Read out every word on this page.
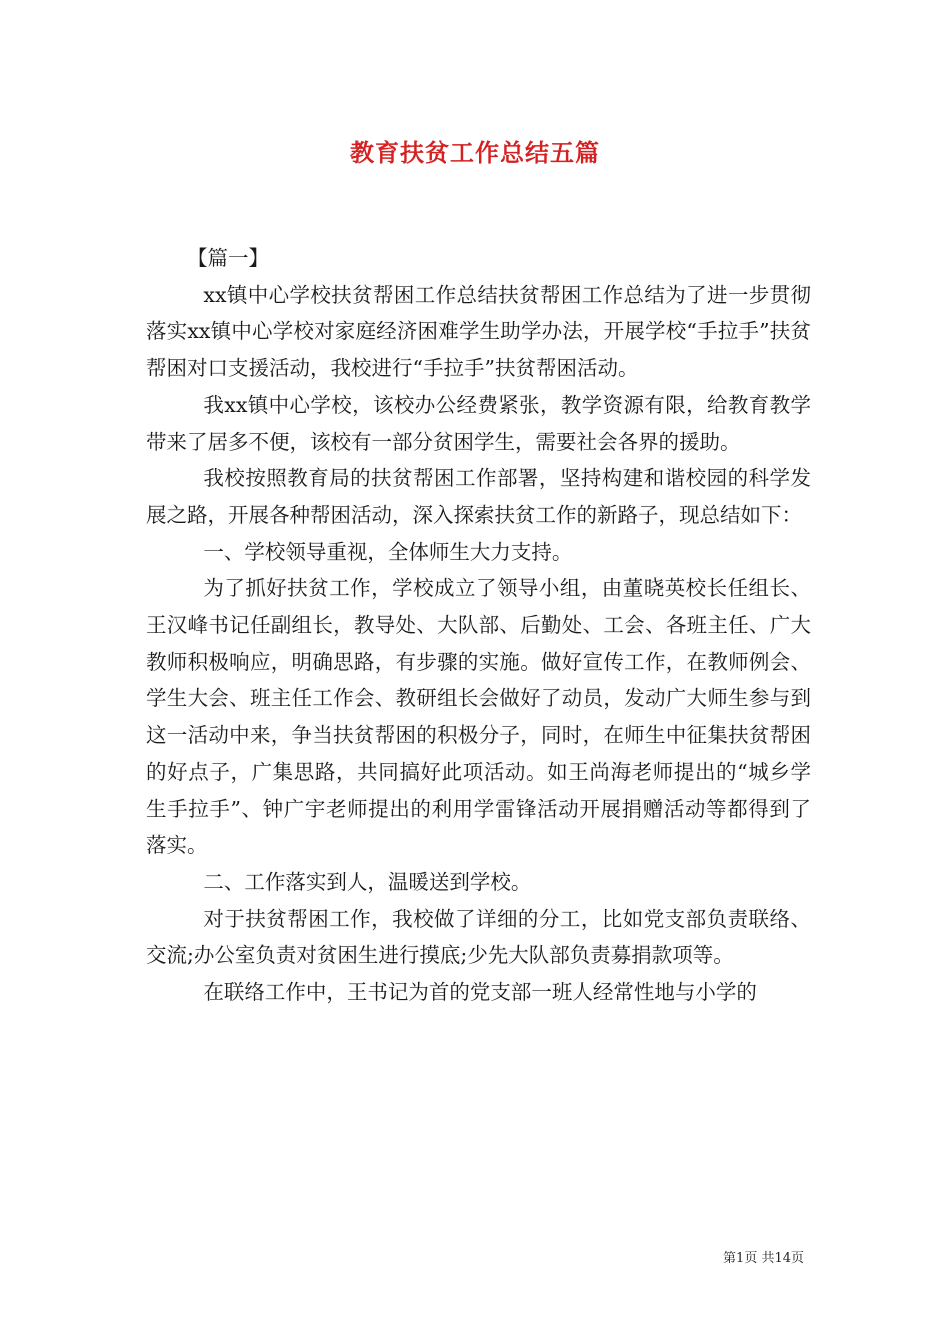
教育扶贫工作总结五篇

【篇一】

xx镇中心学校扶贫帮困工作总结扶贫帮困工作总结为了进一步贯彻落实xx镇中心学校对家庭经济困难学生助学办法，开展学校“手拉手”扶贫帮困对口支援活动，我校进行“手拉手”扶贫帮困活动。

我xx镇中心学校，该校办公经费紧张，教学资源有限，给教育教学带来了居多不便，该校有一部分贫困学生，需要社会各界的援助。

我校按照教育局的扶贫帮困工作部署，坚持构建和谐校园的科学发展之路，开展各种帮困活动，深入探索扶贫工作的新路子，现总结如下：

一、学校领导重视，全体师生大力支持。

为了抓好扶贫工作，学校成立了领导小组，由董晓英校长任组长、王汉峰书记任副组长，教导处、大队部、后勤处、工会、各班主任、广大教师积极响应，明确思路，有步骤的实施。做好宣传工作，在教师例会、学生大会、班主任工作会、教研组长会做好了动员，发动广大师生参与到这一活动中来，争当扶贫帮困的积极分子，同时，在师生中征集扶贫帮困的好点子，广集思路，共同搞好此项活动。如王尚海老师提出的“城乡学生手拉手”、钟广宇老师提出的利用学雷锋活动开展捐赠活动等都得到了落实。

二、工作落实到人，温暖送到学校。

对于扶贫帮困工作，我校做了详细的分工，比如党支部负责联络、交流;办公室负责对贫困生进行摸底;少先大队部负责募捐款项等。

在联络工作中，王书记为首的党支部一班人经常性地与小学的

第1页 共14页
